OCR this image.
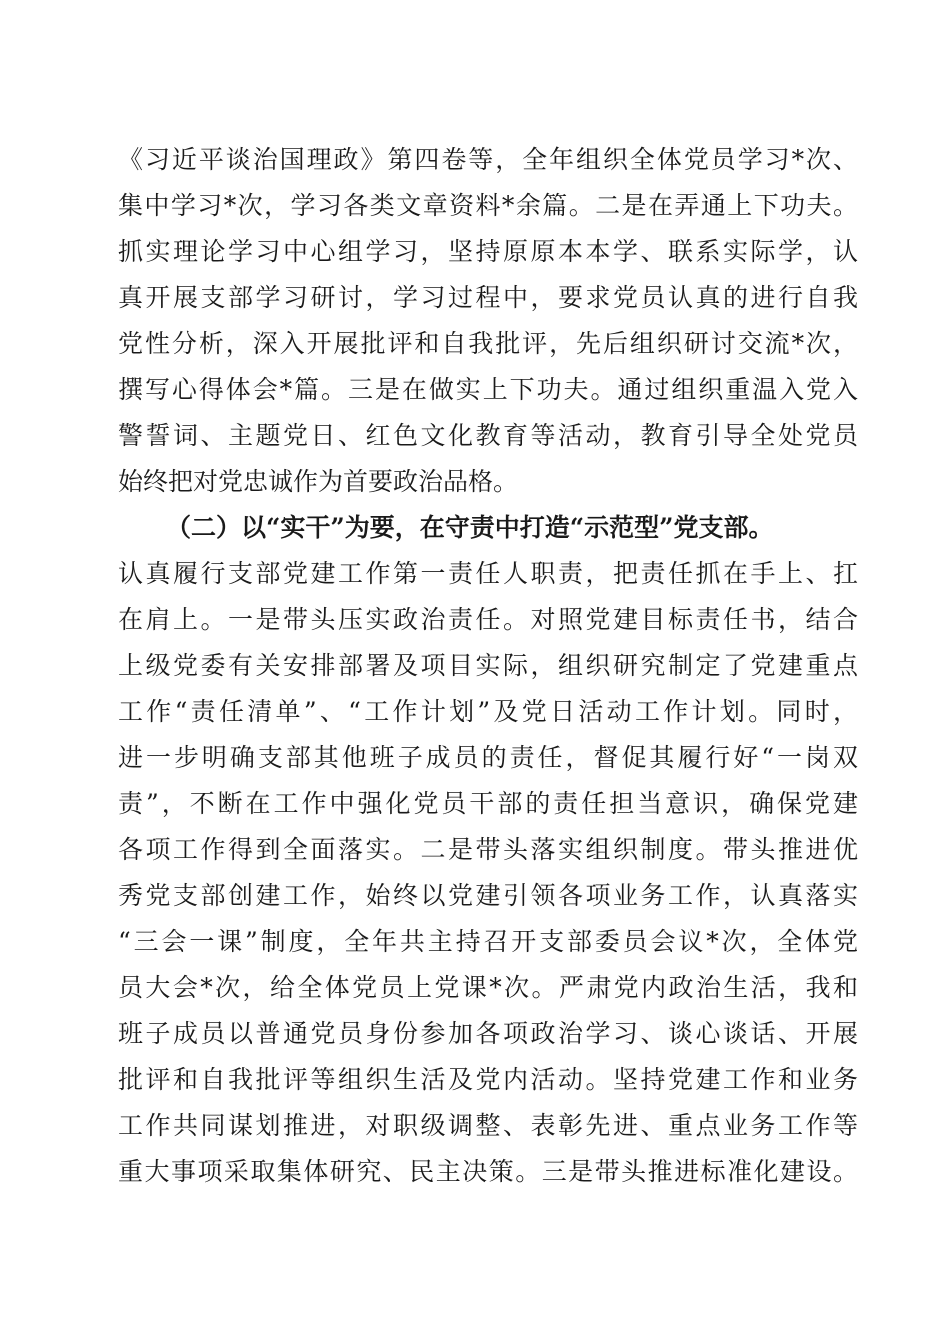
《习近平谈治国理政》第四卷等，全年组织全体党员学习*次、
集中学习*次，学习各类文章资料*余篇。二是在弄通上下功夫。
抓实理论学习中心组学习，坚持原原本本学、联系实际学，认
真开展支部学习研讨，学习过程中，要求党员认真的进行自我
党性分析，深入开展批评和自我批评，先后组织研讨交流*次，
撰写心得体会*篇。三是在做实上下功夫。通过组织重温入党入
警誓词、主题党日、红色文化教育等活动，教育引导全处党员
始终把对党忠诚作为首要政治品格。
（二）以“实干”为要，在守责中打造“示范型”党支部。
认真履行支部党建工作第一责任人职责，把责任抓在手上、扛
在肩上。一是带头压实政治责任。对照党建目标责任书，结合
上级党委有关安排部署及项目实际，组织研究制定了党建重点
工作“责任清单”、“工作计划”及党日活动工作计划。同时，
进一步明确支部其他班子成员的责任，督促其履行好“一岗双
责”，不断在工作中强化党员干部的责任担当意识，确保党建
各项工作得到全面落实。二是带头落实组织制度。带头推进优
秀党支部创建工作，始终以党建引领各项业务工作，认真落实
“三会一课”制度，全年共主持召开支部委员会议*次，全体党
员大会*次，给全体党员上党课*次。严肃党内政治生活，我和
班子成员以普通党员身份参加各项政治学习、谈心谈话、开展
批评和自我批评等组织生活及党内活动。坚持党建工作和业务
工作共同谋划推进，对职级调整、表彰先进、重点业务工作等
重大事项采取集体研究、民主决策。三是带头推进标准化建设。
